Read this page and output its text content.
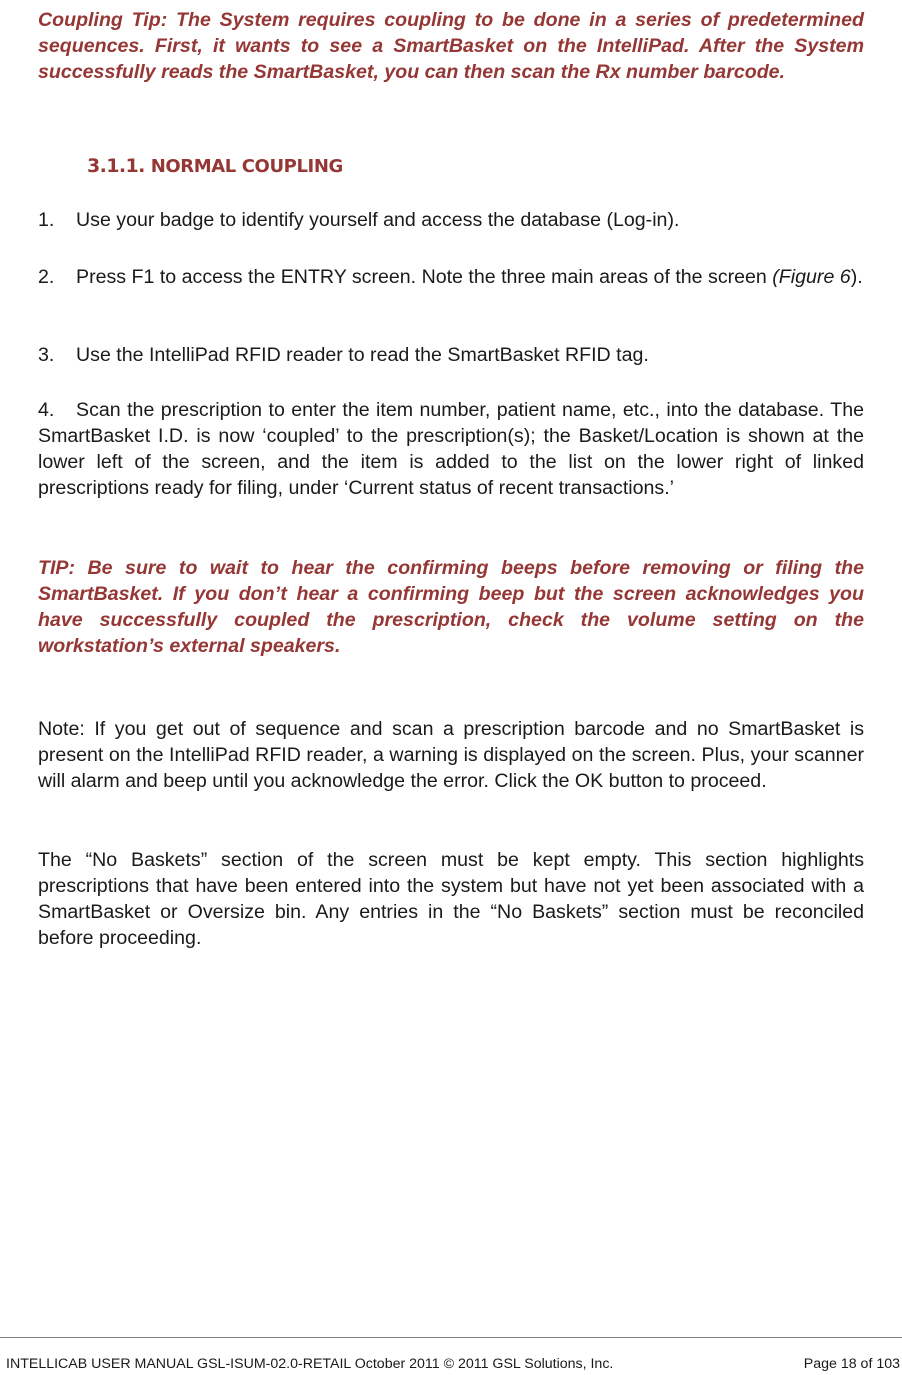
Coupling Tip: The System requires coupling to be done in a series of predetermined sequences. First, it wants to see a SmartBasket on the IntelliPad. After the System successfully reads the SmartBasket, you can then scan the Rx number barcode.

3.1.1. NORMAL COUPLING

1. Use your badge to identify yourself and access the database (Log-in).

2. Press F1 to access the ENTRY screen. Note the three main areas of the screen (Figure 6).

3. Use the IntelliPad RFID reader to read the SmartBasket RFID tag.

4. Scan the prescription to enter the item number, patient name, etc., into the database. The SmartBasket I.D. is now ‘coupled’ to the prescription(s); the Basket/Location is shown at the lower left of the screen, and the item is added to the list on the lower right of linked prescriptions ready for filing, under ‘Current status of recent transactions.’

TIP: Be sure to wait to hear the confirming beeps before removing or filing the SmartBasket. If you don’t hear a confirming beep but the screen acknowledges you have successfully coupled the prescription, check the volume setting on the workstation’s external speakers.

Note: If you get out of sequence and scan a prescription barcode and no SmartBasket is present on the IntelliPad RFID reader, a warning is displayed on the screen. Plus, your scanner will alarm and beep until you acknowledge the error. Click the OK button to proceed.

The “No Baskets” section of the screen must be kept empty. This section highlights prescriptions that have been entered into the system but have not yet been associated with a SmartBasket or Oversize bin. Any entries in the “No Baskets” section must be reconciled before proceeding.

INTELLICAB USER MANUAL GSL-ISUM-02.0-RETAIL October 2011 © 2011 GSL Solutions, Inc.	Page 18 of 103
